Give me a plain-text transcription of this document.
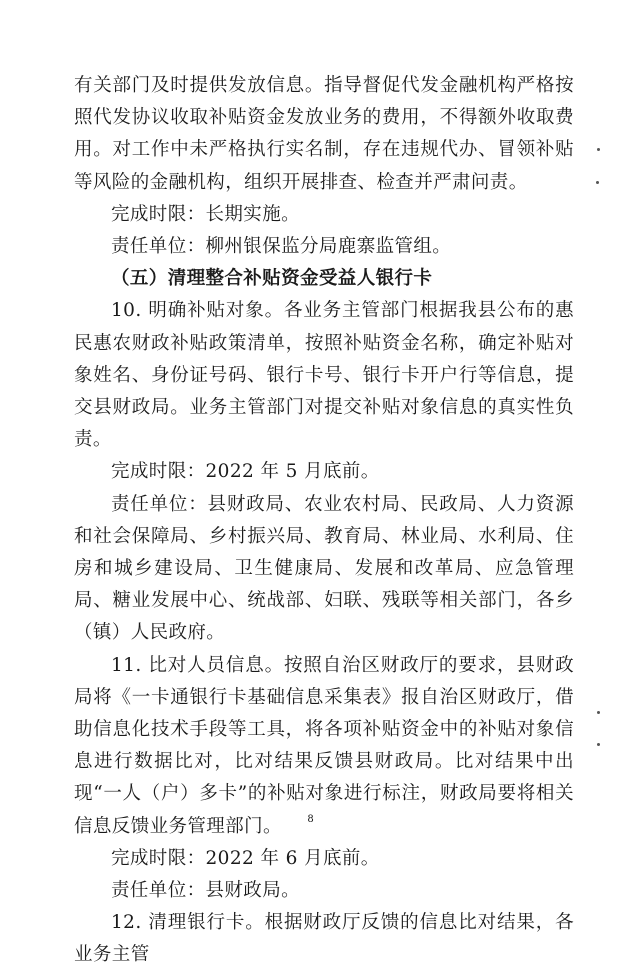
有关部门及时提供发放信息。指导督促代发金融机构严格按照代发协议收取补贴资金发放业务的费用，不得额外收取费用。对工作中未严格执行实名制，存在违规代办、冒领补贴等风险的金融机构，组织开展排查、检查并严肃问责。

完成时限：长期实施。

责任单位：柳州银保监分局鹿寨监管组。

（五）清理整合补贴资金受益人银行卡

10. 明确补贴对象。各业务主管部门根据我县公布的惠民惠农财政补贴政策清单，按照补贴资金名称，确定补贴对象姓名、身份证号码、银行卡号、银行卡开户行等信息，提交县财政局。业务主管部门对提交补贴对象信息的真实性负责。

完成时限：2022 年 5 月底前。

责任单位：县财政局、农业农村局、民政局、人力资源和社会保障局、乡村振兴局、教育局、林业局、水利局、住房和城乡建设局、卫生健康局、发展和改革局、应急管理局、糖业发展中心、统战部、妇联、残联等相关部门，各乡（镇）人民政府。

11. 比对人员信息。按照自治区财政厅的要求，县财政局将《一卡通银行卡基础信息采集表》报自治区财政厅，借助信息化技术手段等工具，将各项补贴资金中的补贴对象信息进行数据比对，比对结果反馈县财政局。比对结果中出现“一人（户）多卡”的补贴对象进行标注，财政局要将相关信息反馈业务管理部门。

完成时限：2022 年 6 月底前。

责任单位：县财政局。

12. 清理银行卡。根据财政厅反馈的信息比对结果，各业务主管

8
